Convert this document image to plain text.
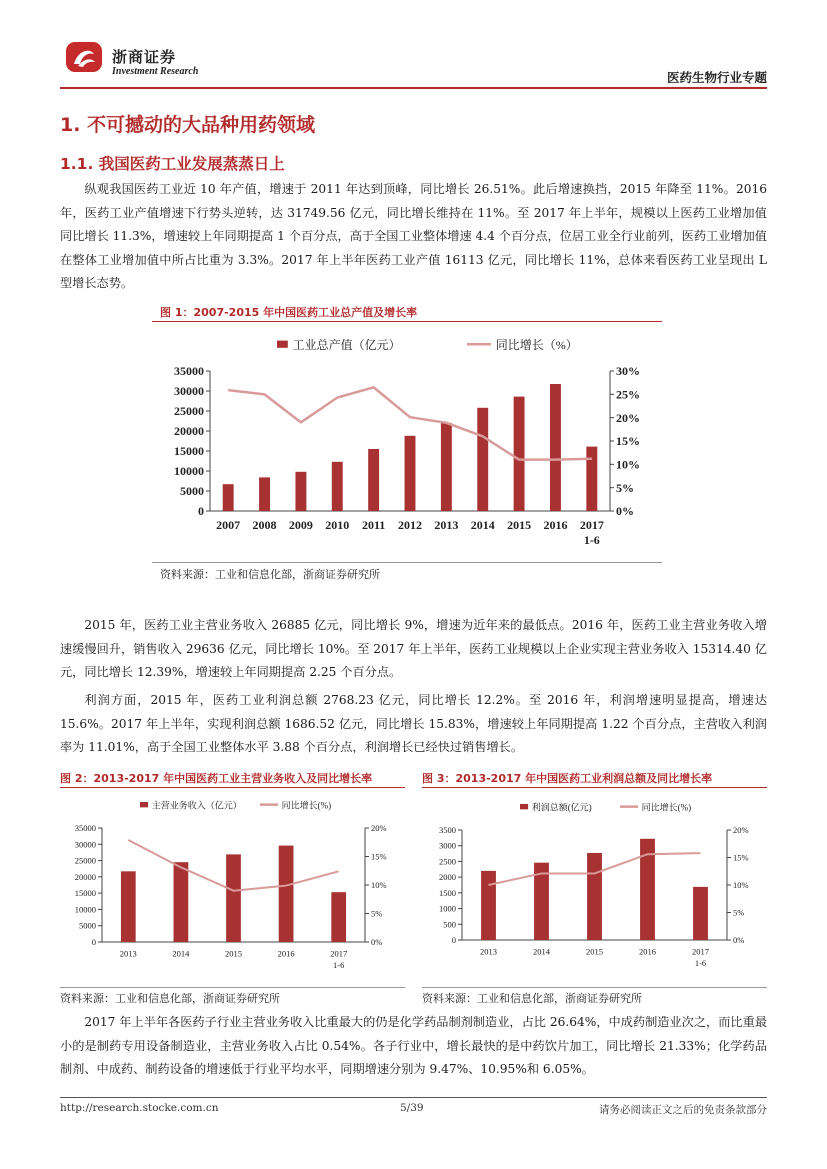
浙商证券
Investment Research	医药生物行业专题
1. 不可撼动的大品种用药领域
1.1. 我国医药工业发展蒸蒸日上

纵观我国医药工业近 10 年产值，增速于 2011 年达到顶峰，同比增长 26.51%。此后增速换挡，2015 年降至 11%。2016 年，医药工业产值增速下行势头逆转，达 31749.56 亿元，同比增长维持在 11%。至 2017 年上半年，规模以上医药工业增加值同比增长 11.3%，增速较上年同期提高 1 个百分点，高于全国工业整体增速 4.4 个百分点，位居工业全行业前列，医药工业增加值在整体工业增加值中所占比重为 3.3%。2017 年上半年医药工业产值 16113 亿元，同比增长 11%，总体来看医药工业呈现出 L 型增长态势。

图 1：2007-2015 年中国医药工业总产值及增长率
工业总产值（亿元）	同比增长（%）
0
5000
10000
15000
20000
25000
30000
35000
0%
5%
10%
15%
20%
25%
30%
2007 2008 2009 2010 2011 2012 2013 2014 2015 2016 2017
1-6
资料来源：工业和信息化部，浙商证券研究所

2015 年，医药工业主营业务收入 26885 亿元，同比增长 9%，增速为近年来的最低点。2016 年，医药工业主营业务收入增速缓慢回升，销售收入 29636 亿元，同比增长 10%。至 2017 年上半年，医药工业规模以上企业实现主营业务收入 15314.40 亿元，同比增长 12.39%，增速较上年同期提高 2.25 个百分点。

利润方面，2015 年，医药工业利润总额 2768.23 亿元，同比增长 12.2%。至 2016 年，利润增速明显提高，增速达 15.6%。2017 年上半年，实现利润总额 1686.52 亿元，同比增长 15.83%，增速较上年同期提高 1.22 个百分点，主营收入利润率为 11.01%，高于全国工业整体水平 3.88 个百分点，利润增长已经快过销售增长。

图 2：2013-2017 年中国医药工业主营业务收入及同比增长率
主营业务收入（亿元）	同比增长(%)
0
5000
10000
15000
20000
25000
30000
35000
0%
5%
10%
15%
20%
2013	2014	2015	2016	2017
1-6
资料来源：工业和信息化部，浙商证券研究所
图 3：2013-2017 年中国医药工业利润总额及同比增长率
利润总额(亿元)	同比增长(%)
0
500
1000
1500
2000
2500
3000
3500
0%
5%
10%
15%
20%
2013	2014	2015	2016	2017
1-6
资料来源：工业和信息化部，浙商证券研究所

2017 年上半年各医药子行业主营业务收入比重最大的仍是化学药品制剂制造业，占比 26.64%，中成药制造业次之，而比重最小的是制药专用设备制造业，主营业务收入占比 0.54%。各子行业中，增长最快的是中药饮片加工，同比增长 21.33%；化学药品制剂、中成药、制药设备的增速低于行业平均水平，同期增速分别为 9.47%、10.95%和 6.05%。

http://research.stocke.com.cn	5/39	请务必阅读正文之后的免责条款部分
